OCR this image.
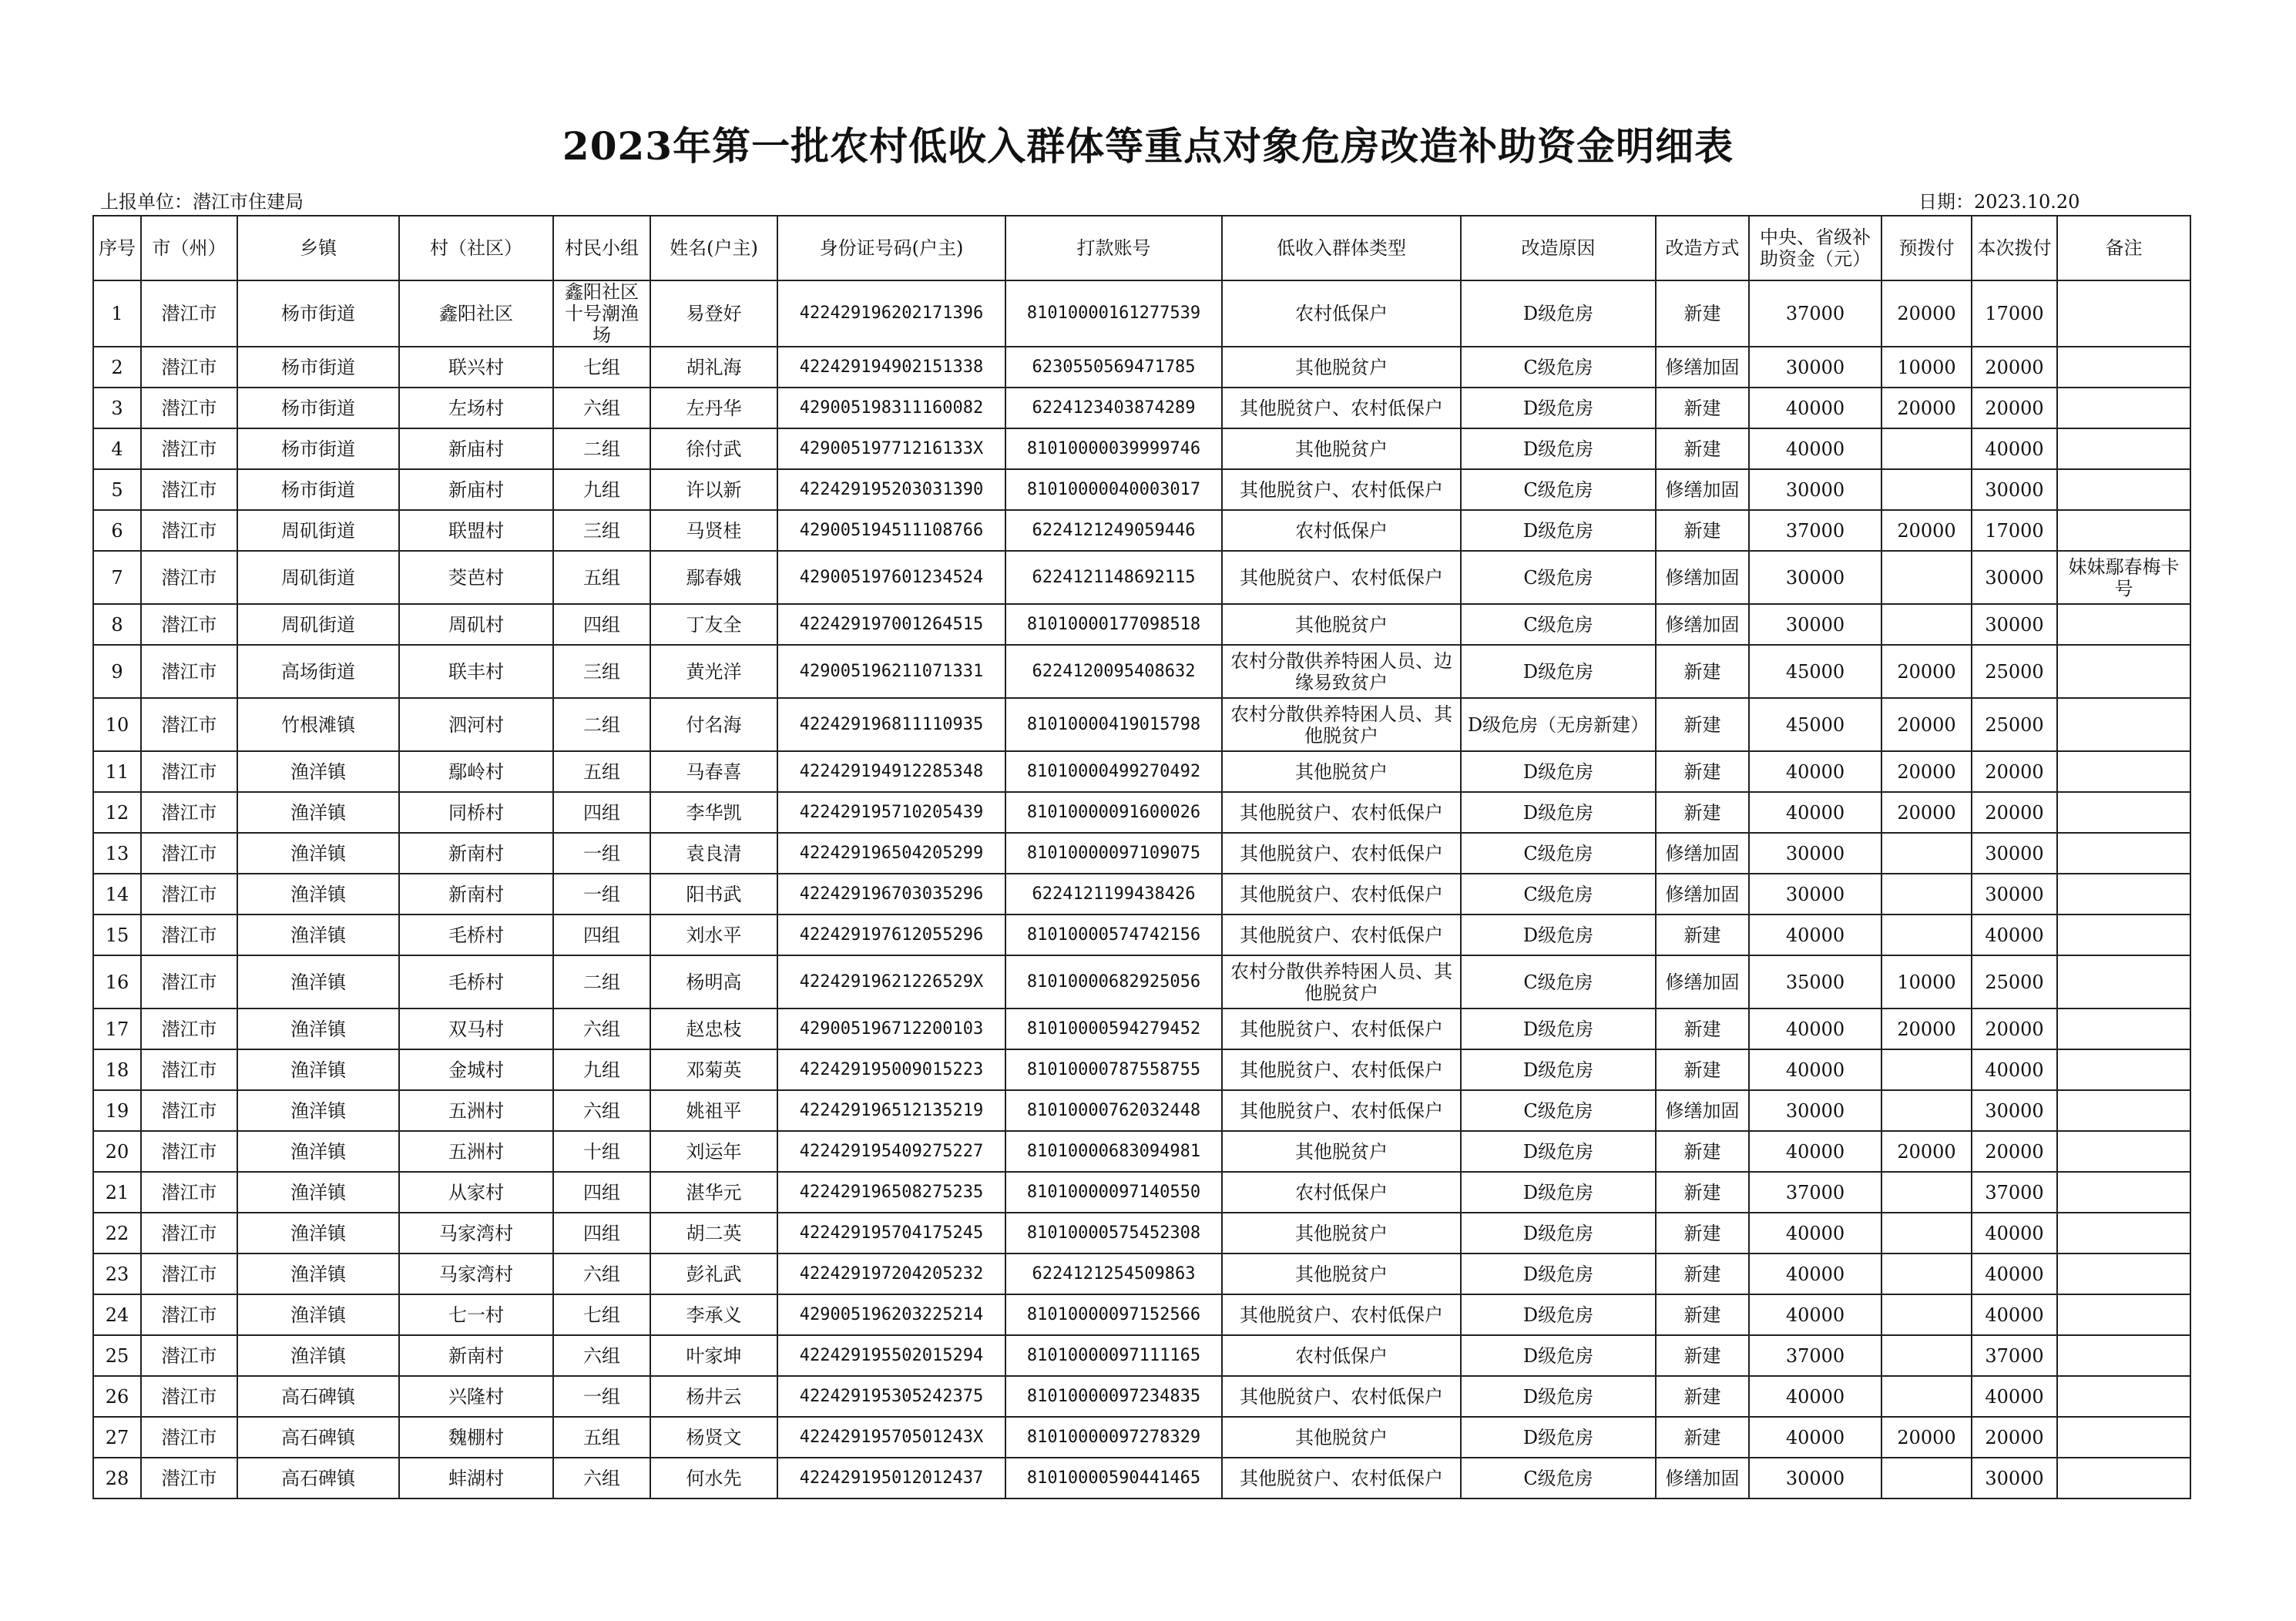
2023年第一批农村低收入群体等重点对象危房改造补助资金明细表
上报单位：潜江市住建局	日期：2023.10.20
序号	市（州）	乡镇	村（社区）	村民小组	姓名(户主)	身份证号码(户主)	打款账号	低收入群体类型	改造原因	改造方式	中央、省级补助资金（元）	预拨付	本次拨付	备注
1	潜江市	杨市街道	鑫阳社区	鑫阳社区十号潮渔场	易登好	422429196202171396	81010000161277539	农村低保户	D级危房	新建	37000	20000	17000	
2	潜江市	杨市街道	联兴村	七组	胡礼海	422429194902151338	6230550569471785	其他脱贫户	C级危房	修缮加固	30000	10000	20000	
3	潜江市	杨市街道	左场村	六组	左丹华	429005198311160082	6224123403874289	其他脱贫户、农村低保户	D级危房	新建	40000	20000	20000	
4	潜江市	杨市街道	新庙村	二组	徐付武	42900519771216133X	81010000039999746	其他脱贫户	D级危房	新建	40000		40000	
5	潜江市	杨市街道	新庙村	九组	许以新	422429195203031390	81010000040003017	其他脱贫户、农村低保户	C级危房	修缮加固	30000		30000	
6	潜江市	周矶街道	联盟村	三组	马贤桂	429005194511108766	6224121249059446	农村低保户	D级危房	新建	37000	20000	17000	
7	潜江市	周矶街道	茭芭村	五组	鄢春娥	429005197601234524	6224121148692115	其他脱贫户、农村低保户	C级危房	修缮加固	30000		30000	妹妹鄢春梅卡号
8	潜江市	周矶街道	周矶村	四组	丁友全	422429197001264515	81010000177098518	其他脱贫户	C级危房	修缮加固	30000		30000	
9	潜江市	高场街道	联丰村	三组	黄光洋	429005196211071331	6224120095408632	农村分散供养特困人员、边缘易致贫户	D级危房	新建	45000	20000	25000	
10	潜江市	竹根滩镇	泗河村	二组	付名海	422429196811110935	81010000419015798	农村分散供养特困人员、其他脱贫户	D级危房（无房新建）	新建	45000	20000	25000	
11	潜江市	渔洋镇	鄢岭村	五组	马春喜	422429194912285348	81010000499270492	其他脱贫户	D级危房	新建	40000	20000	20000	
12	潜江市	渔洋镇	同桥村	四组	李华凯	422429195710205439	81010000091600026	其他脱贫户、农村低保户	D级危房	新建	40000	20000	20000	
13	潜江市	渔洋镇	新南村	一组	袁良清	422429196504205299	81010000097109075	其他脱贫户、农村低保户	C级危房	修缮加固	30000		30000	
14	潜江市	渔洋镇	新南村	一组	阳书武	422429196703035296	6224121199438426	其他脱贫户、农村低保户	C级危房	修缮加固	30000		30000	
15	潜江市	渔洋镇	毛桥村	四组	刘水平	422429197612055296	81010000574742156	其他脱贫户、农村低保户	D级危房	新建	40000		40000	
16	潜江市	渔洋镇	毛桥村	二组	杨明高	42242919621226529X	81010000682925056	农村分散供养特困人员、其他脱贫户	C级危房	修缮加固	35000	10000	25000	
17	潜江市	渔洋镇	双马村	六组	赵忠枝	429005196712200103	81010000594279452	其他脱贫户、农村低保户	D级危房	新建	40000	20000	20000	
18	潜江市	渔洋镇	金城村	九组	邓菊英	422429195009015223	81010000787558755	其他脱贫户、农村低保户	D级危房	新建	40000		40000	
19	潜江市	渔洋镇	五洲村	六组	姚祖平	422429196512135219	81010000762032448	其他脱贫户、农村低保户	C级危房	修缮加固	30000		30000	
20	潜江市	渔洋镇	五洲村	十组	刘运年	422429195409275227	81010000683094981	其他脱贫户	D级危房	新建	40000	20000	20000	
21	潜江市	渔洋镇	从家村	四组	湛华元	422429196508275235	81010000097140550	农村低保户	D级危房	新建	37000		37000	
22	潜江市	渔洋镇	马家湾村	四组	胡二英	422429195704175245	81010000575452308	其他脱贫户	D级危房	新建	40000		40000	
23	潜江市	渔洋镇	马家湾村	六组	彭礼武	422429197204205232	6224121254509863	其他脱贫户	D级危房	新建	40000		40000	
24	潜江市	渔洋镇	七一村	七组	李承义	429005196203225214	81010000097152566	其他脱贫户、农村低保户	D级危房	新建	40000		40000	
25	潜江市	渔洋镇	新南村	六组	叶家坤	422429195502015294	81010000097111165	农村低保户	D级危房	新建	37000		37000	
26	潜江市	高石碑镇	兴隆村	一组	杨井云	422429195305242375	81010000097234835	其他脱贫户、农村低保户	D级危房	新建	40000		40000	
27	潜江市	高石碑镇	魏棚村	五组	杨贤文	42242919570501243X	81010000097278329	其他脱贫户	D级危房	新建	40000	20000	20000	
28	潜江市	高石碑镇	蚌湖村	六组	何水先	422429195012012437	81010000590441465	其他脱贫户、农村低保户	C级危房	修缮加固	30000		30000	
